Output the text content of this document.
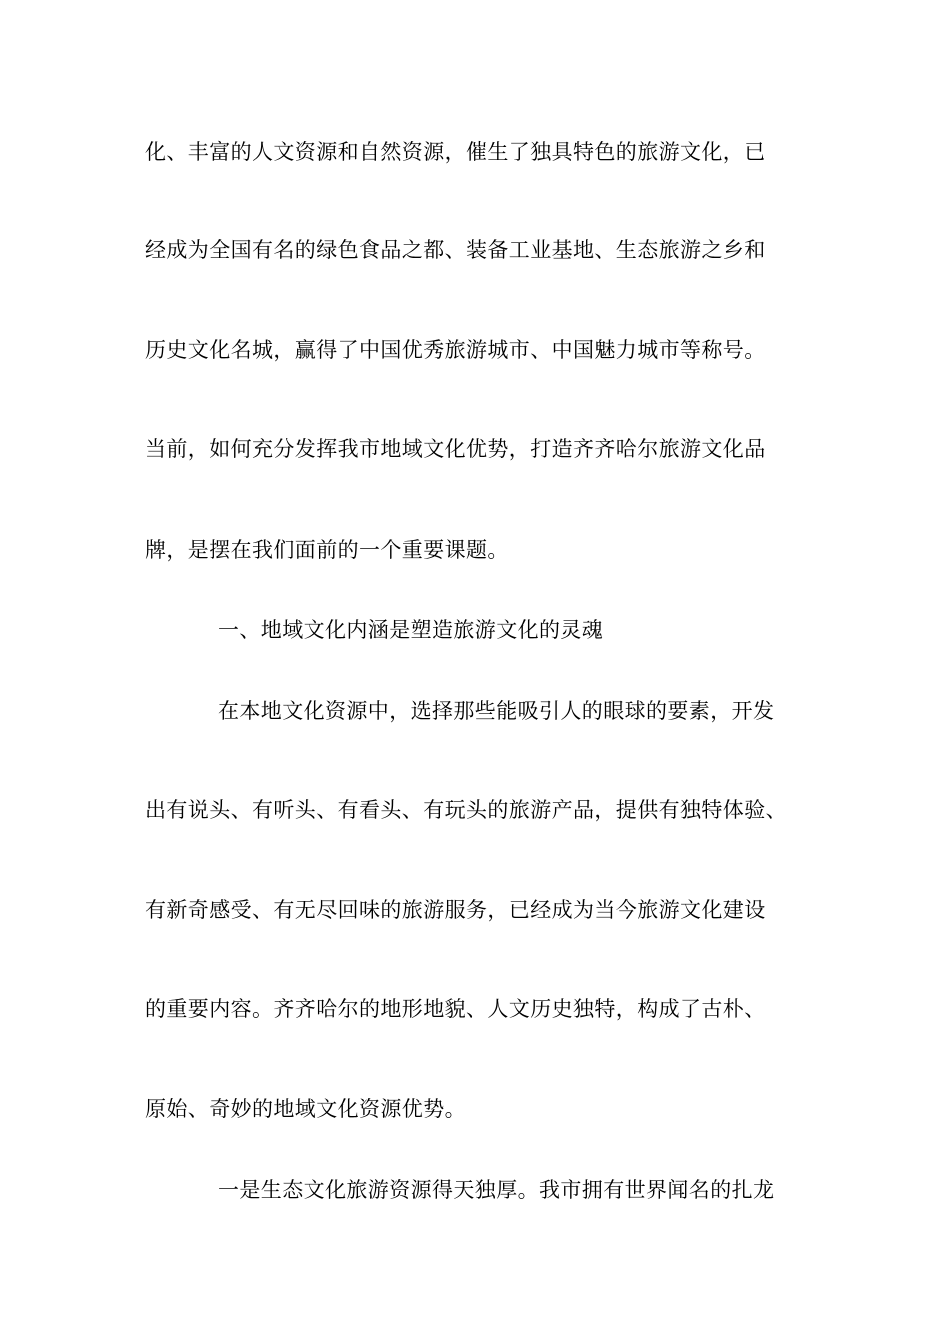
化、丰富的人文资源和自然资源，催生了独具特色的旅游文化，已
经成为全国有名的绿色食品之都、装备工业基地、生态旅游之乡和
历史文化名城，赢得了中国优秀旅游城市、中国魅力城市等称号。
当前，如何充分发挥我市地域文化优势，打造齐齐哈尔旅游文化品
牌，是摆在我们面前的一个重要课题。
一、地域文化内涵是塑造旅游文化的灵魂
在本地文化资源中，选择那些能吸引人的眼球的要素，开发
出有说头、有听头、有看头、有玩头的旅游产品，提供有独特体验、
有新奇感受、有无尽回味的旅游服务，已经成为当今旅游文化建设
的重要内容。齐齐哈尔的地形地貌、人文历史独特，构成了古朴、
原始、奇妙的地域文化资源优势。
一是生态文化旅游资源得天独厚。我市拥有世界闻名的扎龙
